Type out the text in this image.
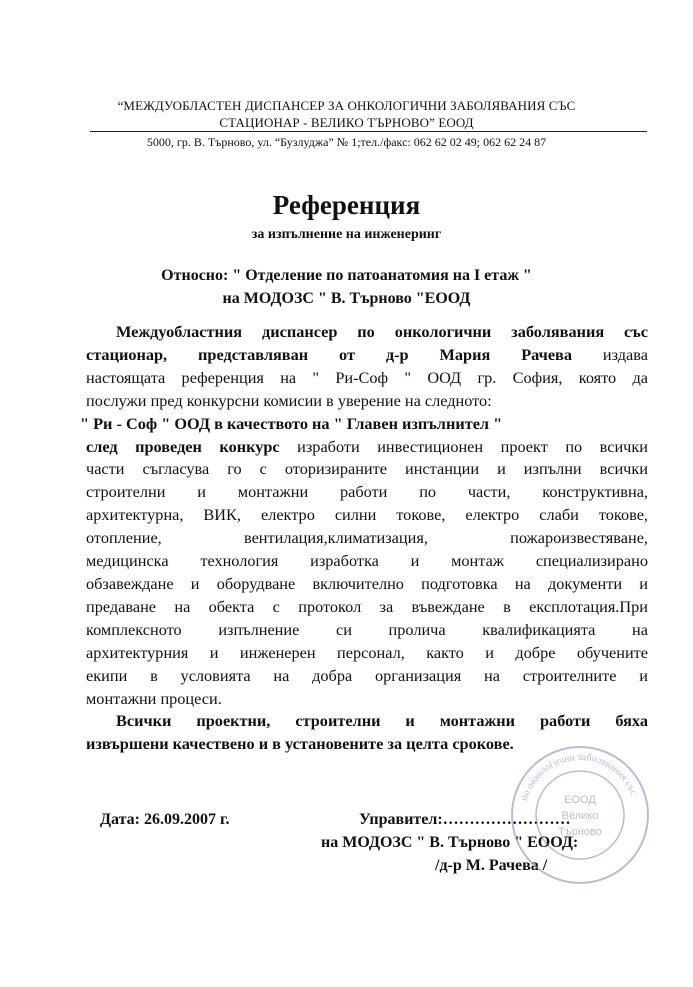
“МЕЖДУОБЛАСТЕН ДИСПАНСЕР ЗА ОНКОЛОГИЧНИ ЗАБОЛЯВАНИЯ СЪС
СТАЦИОНАР - ВЕЛИКО ТЪРНОВО” ЕООД
5000, гр. В. Търново, ул. “Бузлуджа” № 1;тел./факс: 062 62 02 49; 062 62 24 87
Референция
за изпълнение на инженеринг
Относно: " Отделение по патоанатомия на I етаж "
на МОДОЗС " В. Търново "ЕООД
Междуобластния диспансер по онкологични заболявания със
стационар, представляван от д-р Мария Рачева издава
настоящата референция на " Ри-Соф " ООД гр. София, която да
послужи пред конкурсни комисии в уверение на следното:
" Ри - Соф " ООД в качеството на " Главен изпълнител "
след проведен конкурс изработи инвестиционен проект по всички
части съгласува го с оторизираните инстанции и изпълни всички
строителни и монтажни работи по части, конструктивна,
архитектурна, ВИК, електро силни токове, електро слаби токове,
отопление, вентилация,климатизация, пожароизвестяване,
медицинска технология изработка и монтаж специализирано
обзавеждане и оборудване включително подготовка на документи и
предаване на обекта с протокол за въвеждане в експлотация.При
комплексното изпълнение си пролича квалификацията на
архитектурния и инженерен персонал, както и добре обучените
екипи в условията на добра организация на строителните и
монтажни процеси.
Всички проектни, строителни и монтажни работи бяха
извършени качествено и в установените за целта срокове.
Дата: 26.09.2007 г.	Управител:……………………
на МОДОЗС " В. Търново " ЕООД:
/д-р М. Рачева /
по онкологични заболявания със
ЕООД
Велико
Търново
